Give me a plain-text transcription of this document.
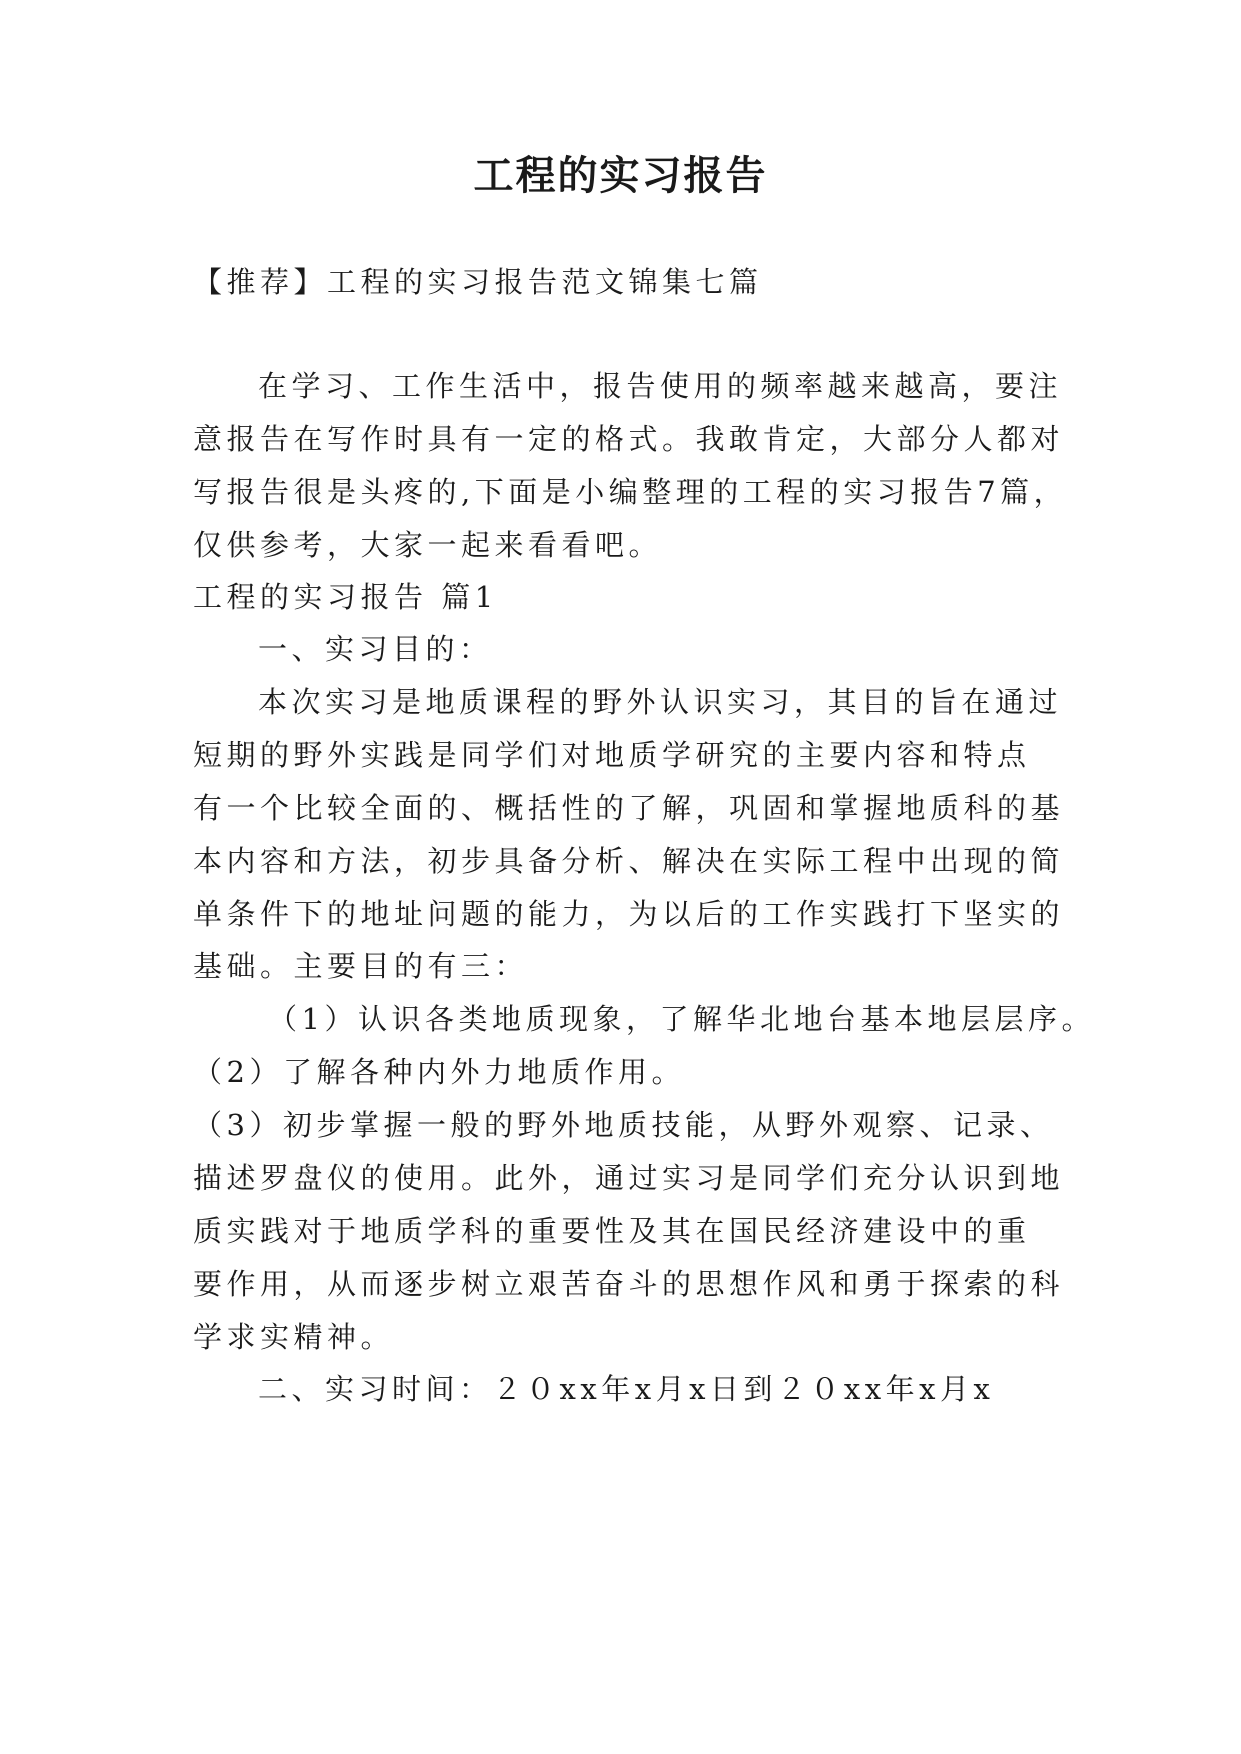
工程的实习报告
【推荐】工程的实习报告范文锦集七篇
在学习、工作生活中，报告使用的频率越来越高，要注
意报告在写作时具有一定的格式。我敢肯定，大部分人都对
写报告很是头疼的,下面是小编整理的工程的实习报告7篇，
仅供参考，大家一起来看看吧。
工程的实习报告 篇1
一、实习目的：
本次实习是地质课程的野外认识实习，其目的旨在通过
短期的野外实践是同学们对地质学研究的主要内容和特点
有一个比较全面的、概括性的了解，巩固和掌握地质科的基
本内容和方法，初步具备分析、解决在实际工程中出现的简
单条件下的地址问题的能力，为以后的工作实践打下坚实的
基础。主要目的有三：
（1）认识各类地质现象，了解华北地台基本地层层序。
（2）了解各种内外力地质作用。
（3）初步掌握一般的野外地质技能，从野外观察、记录、
描述罗盘仪的使用。此外，通过实习是同学们充分认识到地
质实践对于地质学科的重要性及其在国民经济建设中的重
要作用，从而逐步树立艰苦奋斗的思想作风和勇于探索的科
学求实精神。
二、实习时间：２０xx年x月x日到２０xx年x月x
